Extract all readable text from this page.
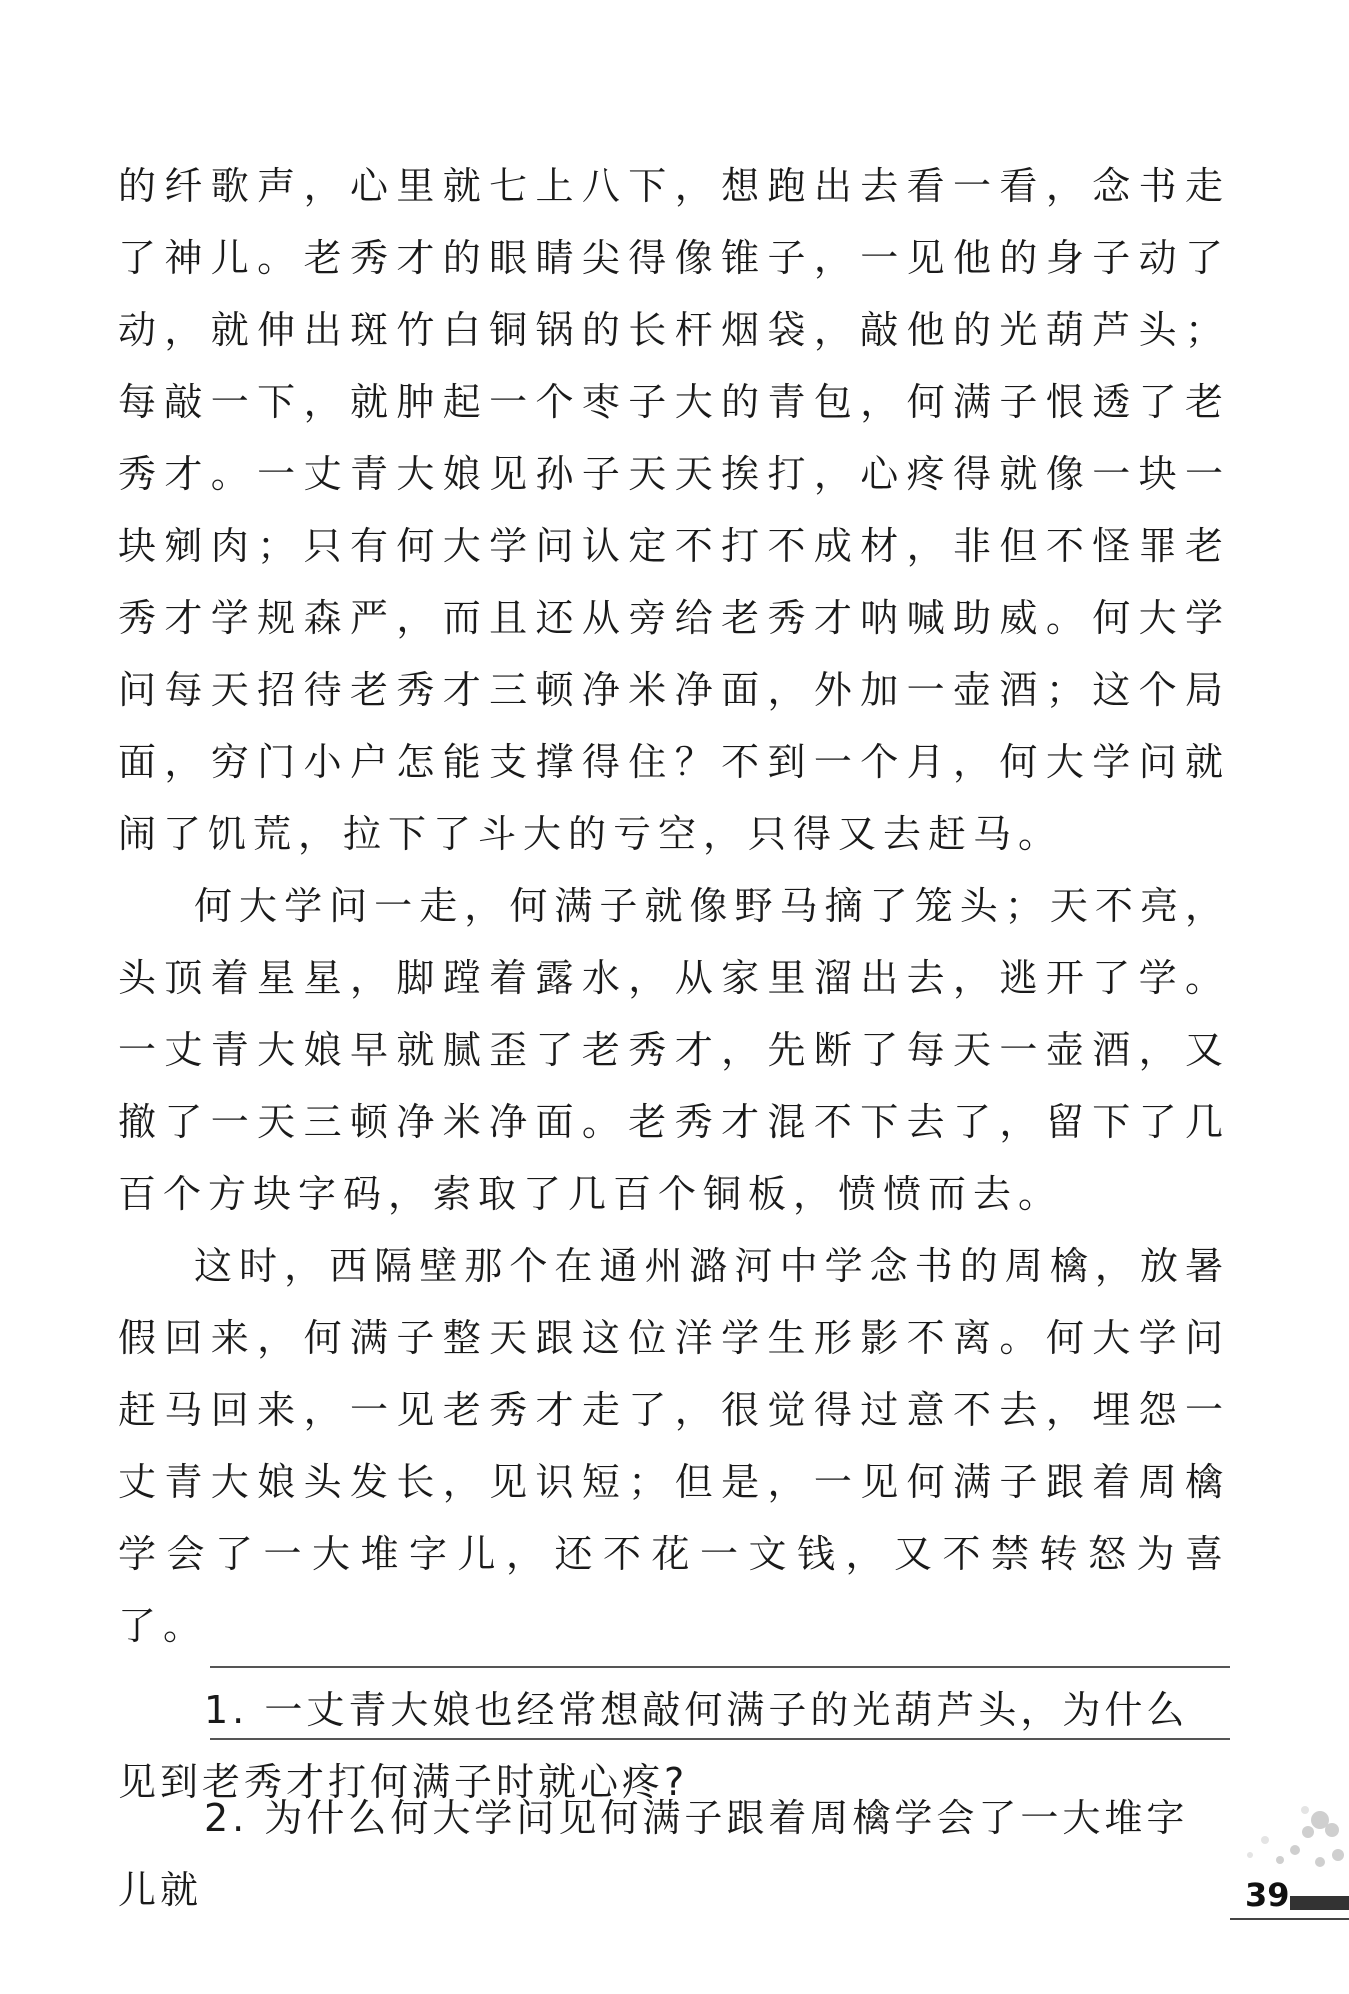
的纤歌声，心里就七上八下，想跑出去看一看，念书走了神儿。老秀才的眼睛尖得像锥子，一见他的身子动了动，就伸出斑竹白铜锅的长杆烟袋，敲他的光葫芦头；每敲一下，就肿起一个枣子大的青包，何满子恨透了老秀才。一丈青大娘见孙子天天挨打，心疼得就像一块一块剜肉；只有何大学问认定不打不成材，非但不怪罪老秀才学规森严，而且还从旁给老秀才呐喊助威。何大学问每天招待老秀才三顿净米净面，外加一壶酒；这个局面，穷门小户怎能支撑得住？不到一个月，何大学问就闹了饥荒，拉下了斗大的亏空，只得又去赶马。

何大学问一走，何满子就像野马摘了笼头；天不亮，头顶着星星，脚蹚着露水，从家里溜出去，逃开了学。一丈青大娘早就腻歪了老秀才，先断了每天一壶酒，又撤了一天三顿净米净面。老秀才混不下去了，留下了几百个方块字码，索取了几百个铜板，愤愤而去。

这时，西隔壁那个在通州潞河中学念书的周檎，放暑假回来，何满子整天跟这位洋学生形影不离。何大学问赶马回来，一见老秀才走了，很觉得过意不去，埋怨一丈青大娘头发长，见识短；但是，一见何满子跟着周檎学会了一大堆字儿，还不花一文钱，又不禁转怒为喜了。

1. 一丈青大娘也经常想敲何满子的光葫芦头，为什么见到老秀才打何满子时就心疼?

2. 为什么何大学问见何满子跟着周檎学会了一大堆字儿就	39
